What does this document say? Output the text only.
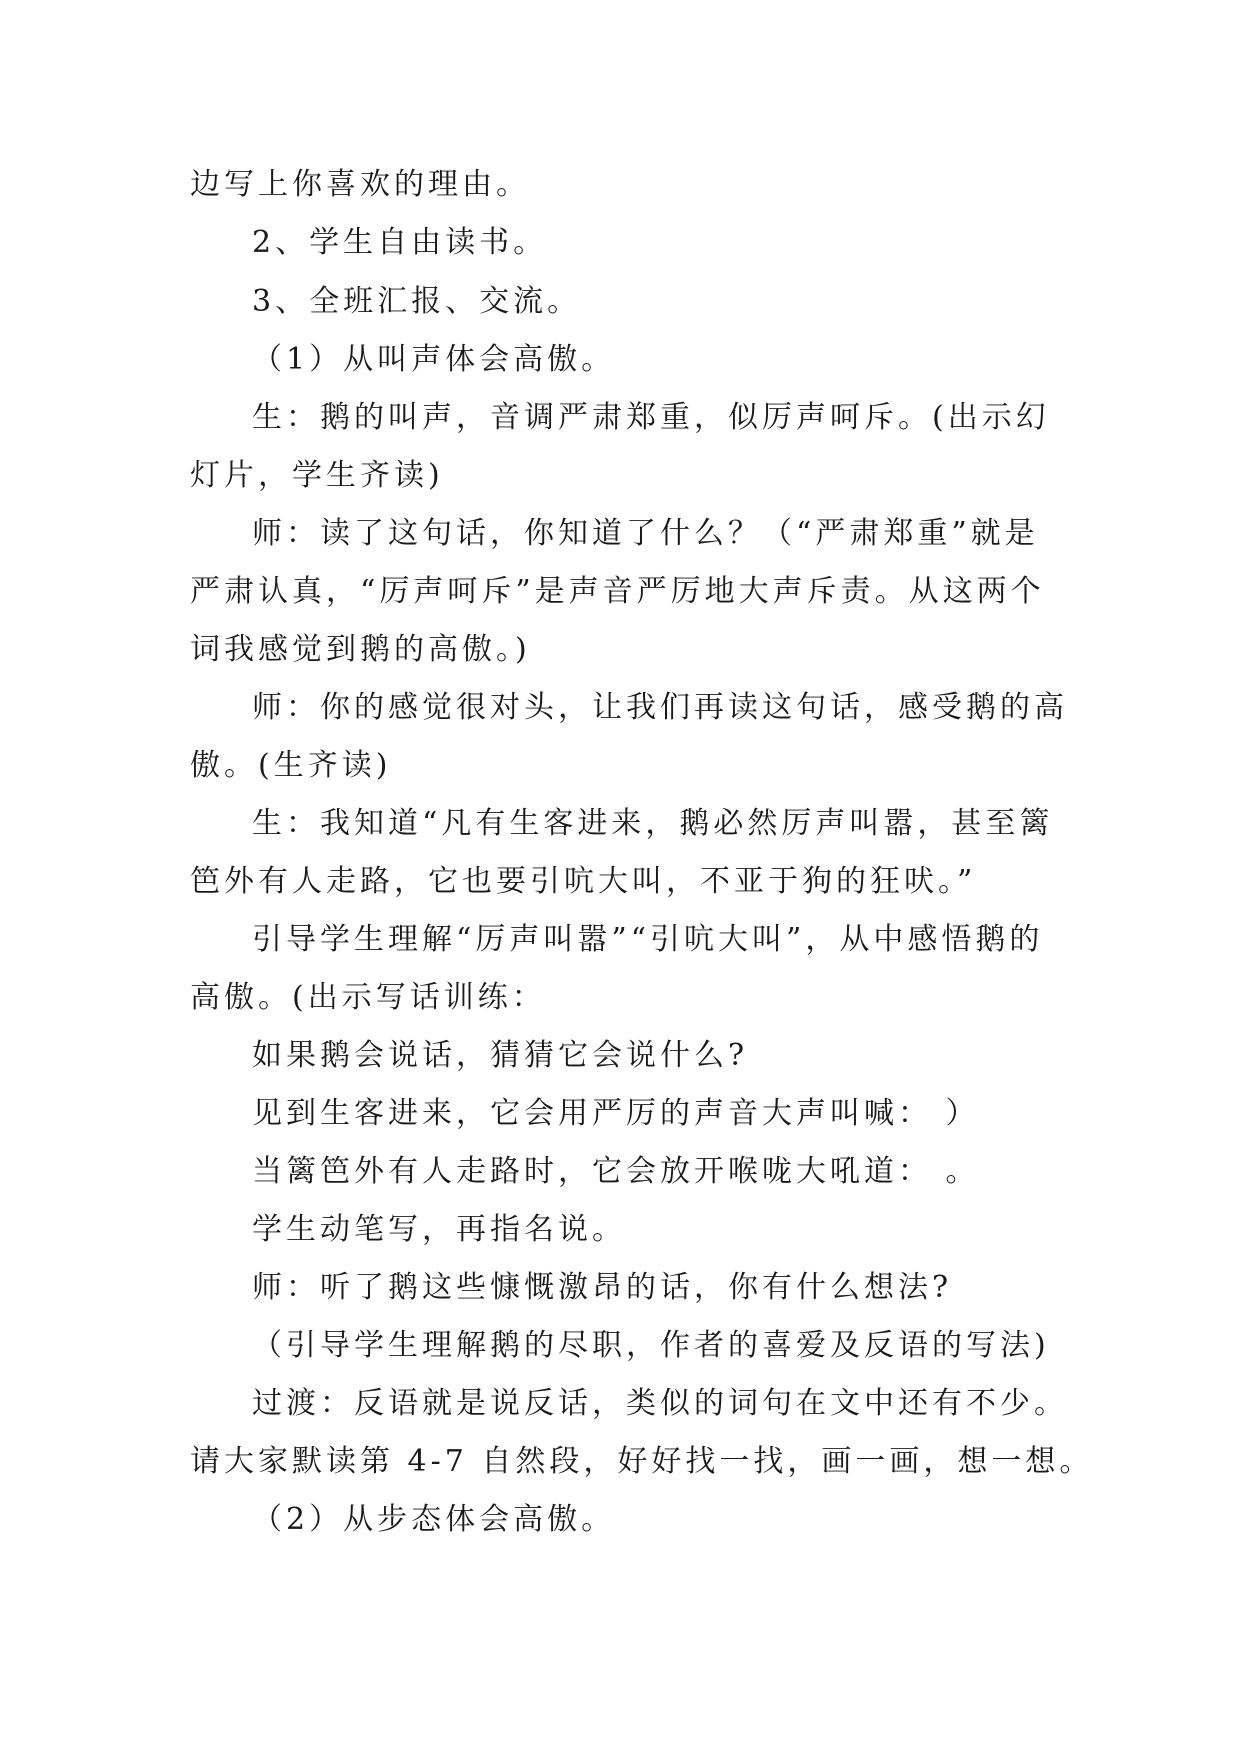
边写上你喜欢的理由。
2、学生自由读书。
3、全班汇报、交流。
（1）从叫声体会高傲。
生：鹅的叫声，音调严肃郑重，似厉声呵斥。(出示幻
灯片，学生齐读)
师：读了这句话，你知道了什么？（“严肃郑重”就是
严肃认真，“厉声呵斥”是声音严厉地大声斥责。从这两个
词我感觉到鹅的高傲。)
师：你的感觉很对头，让我们再读这句话，感受鹅的高
傲。(生齐读)
生：我知道“凡有生客进来，鹅必然厉声叫嚣，甚至篱
笆外有人走路，它也要引吭大叫，不亚于狗的狂吠。”
引导学生理解“厉声叫嚣”“引吭大叫”，从中感悟鹅的
高傲。(出示写话训练：
如果鹅会说话，猜猜它会说什么?
见到生客进来，它会用严厉的声音大声叫喊： ）
当篱笆外有人走路时，它会放开喉咙大吼道： 。
学生动笔写，再指名说。
师：听了鹅这些慷慨激昂的话，你有什么想法?
（引导学生理解鹅的尽职，作者的喜爱及反语的写法)
过渡：反语就是说反话，类似的词句在文中还有不少。
请大家默读第 4-7 自然段，好好找一找，画一画，想一想。
（2）从步态体会高傲。
